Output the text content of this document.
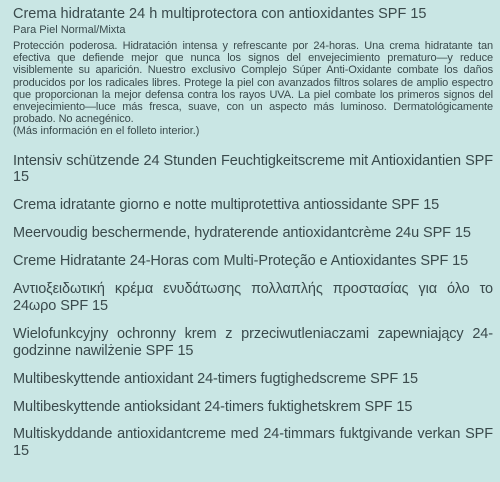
Crema hidratante 24 h multiprotectora con antioxidantes SPF 15
Para Piel Normal/Mixta

Protección poderosa. Hidratación intensa y refrescante por 24-horas. Una crema hidratante tan efectiva que defiende mejor que nunca los signos del envejecimiento prematuro—y reduce visiblemente su aparición. Nuestro exclusivo Complejo Súper Anti-Oxidante combate los daños producidos por los radicales libres. Protege la piel con avanzados filtros solares de amplio espectro que proporcionan la mejor defensa contra los rayos UVA. La piel combate los primeros signos del envejecimiento—luce más fresca, suave, con un aspecto más luminoso. Dermatológicamente probado. No acnegénico.

(Más información en el folleto interior.)

Intensiv schützende 24 Stunden Feuchtigkeitscreme mit Antioxidantien SPF 15

Crema idratante giorno e notte multiprotettiva antiossidante SPF 15

Meervoudig beschermende, hydraterende antioxidantcrème 24u SPF 15

Creme Hidratante 24-Horas com Multi-Proteção e Antioxidantes SPF 15

Αντιοξειδωτική κρέμα ενυδάτωσης πολλαπλής προστασίας για όλο το 24ωρο SPF 15

Wielofunkcyjny ochronny krem z przeciwutleniaczami zapewniający 24-godzinne nawilżenie SPF 15

Multibeskyttende antioxidant 24-timers fugtighedscreme SPF 15

Multibeskyttende antioksidant 24-timers fuktighetskrem SPF 15

Multiskyddande antioxidantcreme med 24-timmars fuktgivande verkan SPF 15
